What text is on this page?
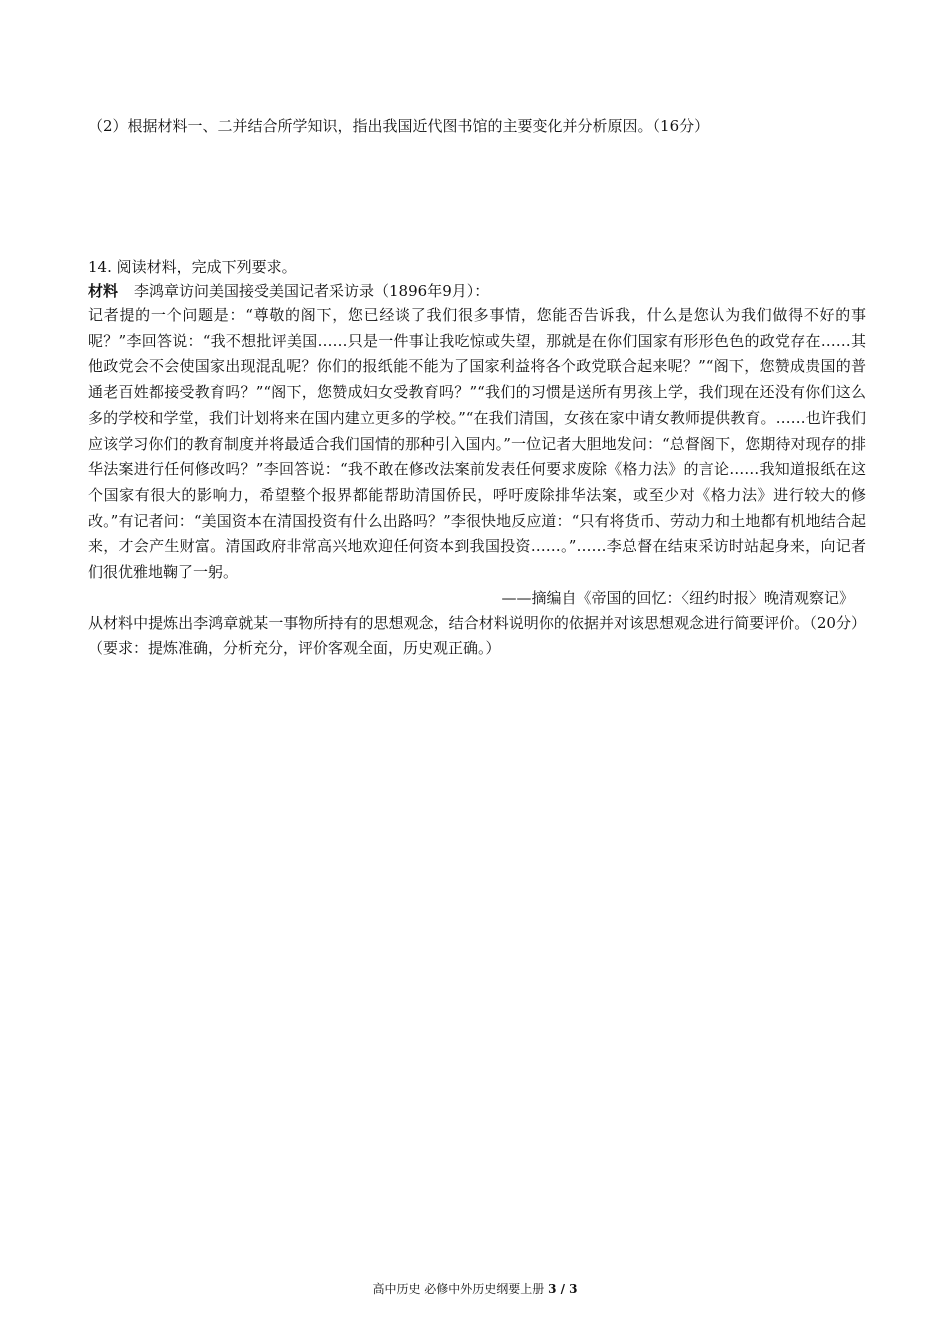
（2）根据材料一、二并结合所学知识，指出我国近代图书馆的主要变化并分析原因。（16分）
14. 阅读材料，完成下列要求。
材料 李鸿章访问美国接受美国记者采访录（1896年9月）：
记者提的一个问题是：“尊敬的阁下，您已经谈了我们很多事情，您能否告诉我，什么是您认为我们做得不好的事呢？”李回答说：“我不想批评美国……只是一件事让我吃惊或失望，那就是在你们国家有形形色色的政党存在……其他政党会不会使国家出现混乱呢？你们的报纸能不能为了国家利益将各个政党联合起来呢？”“阁下，您赞成贵国的普通老百姓都接受教育吗？”“阁下，您赞成妇女受教育吗？”“我们的习惯是送所有男孩上学，我们现在还没有你们这么多的学校和学堂，我们计划将来在国内建立更多的学校。”“在我们清国，女孩在家中请女教师提供教育。……也许我们应该学习你们的教育制度并将最适合我们国情的那种引入国内。”一位记者大胆地发问：“总督阁下，您期待对现存的排华法案进行任何修改吗？”李回答说：“我不敢在修改法案前发表任何要求废除《格力法》的言论……我知道报纸在这个国家有很大的影响力，希望整个报界都能帮助清国侨民，呼吁废除排华法案，或至少对《格力法》进行较大的修改。”有记者问：“美国资本在清国投资有什么出路吗？”李很快地反应道：“只有将货币、劳动力和土地都有机地结合起来，才会产生财富。清国政府非常高兴地欢迎任何资本到我国投资……。”……李总督在结束采访时站起身来，向记者们很优雅地鞠了一躬。
——摘编自《帝国的回忆：〈纽约时报〉晚清观察记》
从材料中提炼出李鸿章就某一事物所持有的思想观念，结合材料说明你的依据并对该思想观念进行简要评价。（20分）（要求：提炼准确，分析充分，评价客观全面，历史观正确。）
高中历史 必修中外历史纲要上册 3 / 3
